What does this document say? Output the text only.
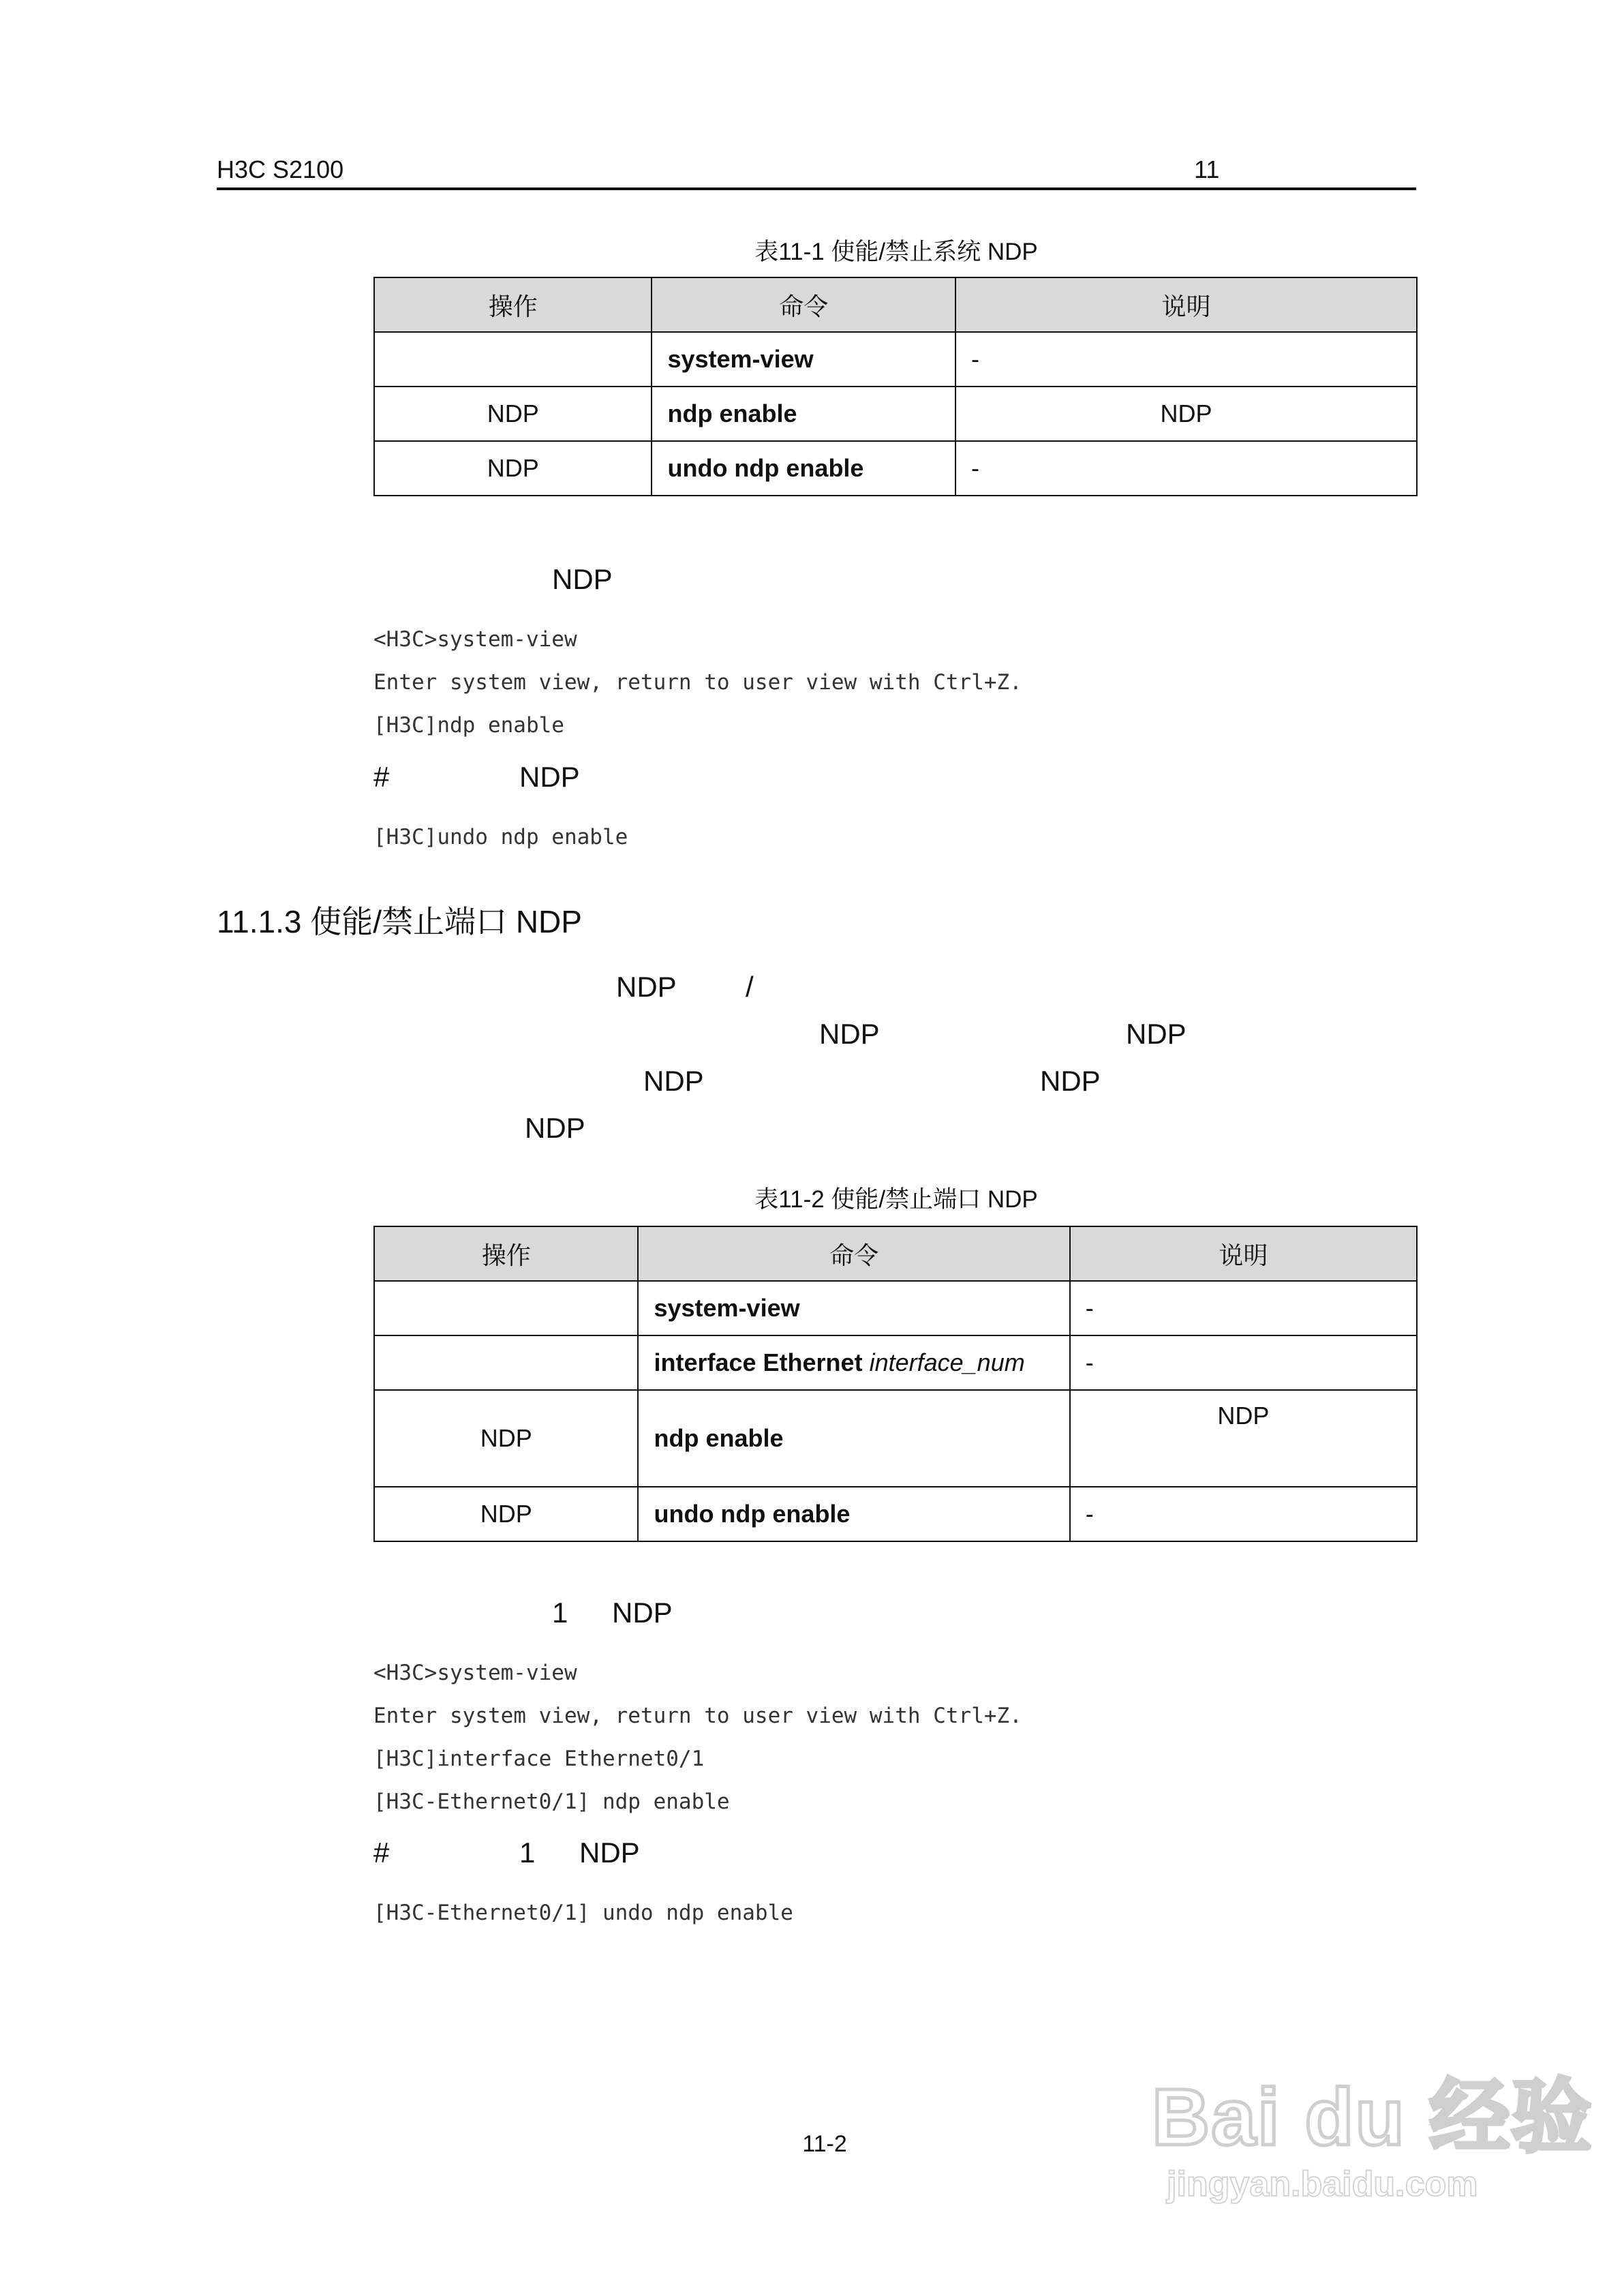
H3C S2100	11
表11-1 使能/禁止系统 NDP
操作	命令	说明
	system-view	-
NDP	ndp enable	NDP
NDP	undo ndp enable	-
NDP
<H3C>system-view
Enter system view, return to user view with Ctrl+Z.
[H3C]ndp enable
#	NDP
[H3C]undo ndp enable
11.1.3 使能/禁止端口 NDP
NDP /
NDP	NDP
NDP	NDP
NDP
表11-2 使能/禁止端口 NDP
操作	命令	说明
	system-view	-
	interface Ethernet interface_num	-
NDP	ndp enable	NDP
NDP	undo ndp enable	-
1 NDP
<H3C>system-view
Enter system view, return to user view with Ctrl+Z.
[H3C]interface Ethernet0/1
[H3C-Ethernet0/1] ndp enable
#	1 NDP
[H3C-Ethernet0/1] undo ndp enable
11-2	Bai du 经验
jingyan.baidu.com
